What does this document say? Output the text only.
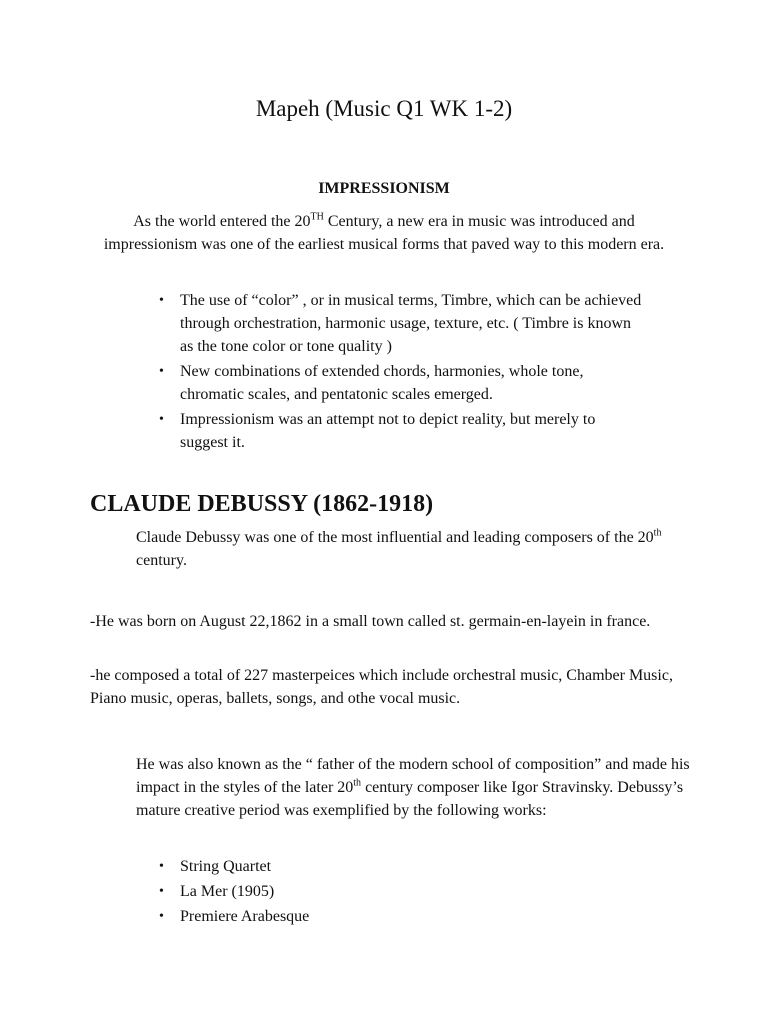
Mapeh (Music Q1 WK 1-2)
IMPRESSIONISM

As the world entered the 20TH Century, a new era in music was introduced and impressionism was one of the earliest musical forms that paved way to this modern era.

• The use of “color” , or in musical terms, Timbre, which can be achieved through orchestration, harmonic usage, texture, etc. ( Timbre is known as the tone color or tone quality )
• New combinations of extended chords, harmonies, whole tone, chromatic scales, and pentatonic scales emerged.
• Impressionism was an attempt not to depict reality, but merely to suggest it.
CLAUDE DEBUSSY (1862-1918)

Claude Debussy was one of the most influential and leading composers of the 20th century.

-He was born on August 22,1862 in a small town called st. germain-en-layein in france.

-he composed a total of 227 masterpeices which include orchestral music, Chamber Music, Piano music, operas, ballets, songs, and othe vocal music.

He was also known as the “ father of the modern school of composition” and made his impact in the styles of the later 20th century composer like Igor Stravinsky. Debussy’s mature creative period was exemplified by the following works:

• String Quartet
• La Mer (1905)
• Premiere Arabesque
